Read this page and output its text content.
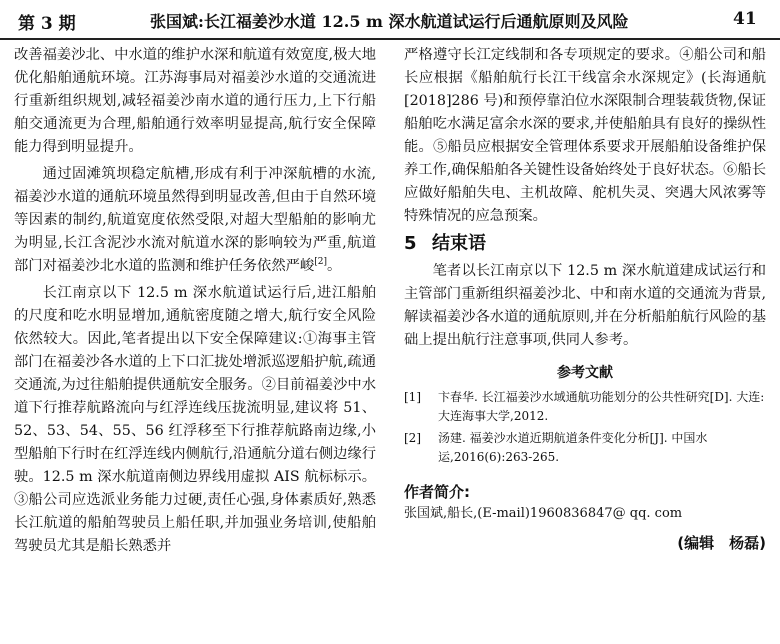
第 3 期	张国斌:长江福姜沙水道 12.5 m 深水航道试运行后通航原则及风险	41

改善福姜沙北、中水道的维护水深和航道有效宽度,极大地优化船舶通航环境。江苏海事局对福姜沙水道的交通流进行重新组织规划,减轻福姜沙南水道的通行压力,上下行船舶交通流更为合理,船舶通行效率明显提高,航行安全保障能力得到明显提升。

通过固滩筑坝稳定航槽,形成有利于冲深航槽的水流,福姜沙水道的通航环境虽然得到明显改善,但由于自然环境等因素的制约,航道宽度依然受限,对超大型船舶的影响尤为明显,长江含泥沙水流对航道水深的影响较为严重,航道部门对福姜沙北水道的监测和维护任务依然严峻[2]。

长江南京以下 12.5 m 深水航道试运行后,进江船舶的尺度和吃水明显增加,通航密度随之增大,航行安全风险依然较大。因此,笔者提出以下安全保障建议:①海事主管部门在福姜沙各水道的上下口汇拢处增派巡逻船护航,疏通交通流,为过往船舶提供通航安全服务。②目前福姜沙中水道下行推荐航路流向与红浮连线压拢流明显,建议将 51、52、53、54、55、56 红浮移至下行推荐航路南边缘,小型船舶下行时在红浮连线内侧航行,沿通航分道右侧边缘行驶。12.5 m 深水航道南侧边界线用虚拟 AIS 航标标示。③船公司应选派业务能力过硬,责任心强,身体素质好,熟悉长江航道的船舶驾驶员上船任职,并加强业务培训,使船舶驾驶员尤其是船长熟悉并

严格遵守长江定线制和各专项规定的要求。④船公司和船长应根据《船舶航行长江干线富余水深规定》(长海通航[2018]286 号)和预停靠泊位水深限制合理装载货物,保证船舶吃水满足富余水深的要求,并使船舶具有良好的操纵性能。⑤船员应根据安全管理体系要求开展船舶设备维护保养工作,确保船舶各关键性设备始终处于良好状态。⑥船长应做好船舶失电、主机故障、舵机失灵、突遇大风浓雾等特殊情况的应急预案。

5 结束语

笔者以长江南京以下 12.5 m 深水航道建成试运行和主管部门重新组织福姜沙北、中和南水道的交通流为背景,解读福姜沙各水道的通航原则,并在分析船舶航行风险的基础上提出航行注意事项,供同人参考。

参考文献
[1]	卞春华. 长江福姜沙水域通航功能划分的公共性研究[D]. 大连:大连海事大学,2012.
[2]	汤建. 福姜沙水道近期航道条件变化分析[J]. 中国水运,2016(6):263-265.
作者简介:
张国斌,船长,(E-mail)1960836847@ qq. com
(编辑　杨磊)
